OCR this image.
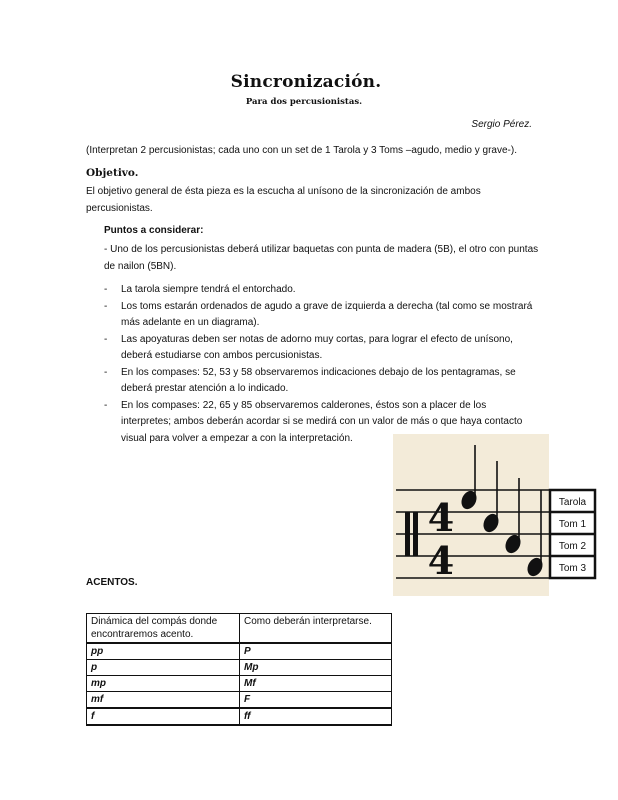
Sincronización.
Para dos percusionistas.
Sergio Pérez.
(Interpretan 2 percusionistas; cada uno con un set de 1 Tarola y 3 Toms –agudo, medio y grave-).
Objetivo.
El objetivo general de ésta pieza es la escucha al unísono de la sincronización de ambos percusionistas.
Puntos a considerar:
- Uno de los percusionistas deberá utilizar baquetas con punta de madera (5B), el otro con puntas de nailon (5BN).
- La tarola siempre tendrá el entorchado.
- Los toms estarán ordenados de agudo a grave de izquierda a derecha (tal como se mostrará más adelante en un diagrama).
- Las apoyaturas deben ser notas de adorno muy cortas, para lograr el efecto de unísono, deberá estudiarse con ambos percusionistas.
- En los compases: 52, 53 y 58 observaremos indicaciones debajo de los pentagramas, se deberá prestar atención a lo indicado.
- En los compases: 22, 65 y 85 observaremos calderones, éstos son a placer de los interpretes; ambos deberán acordar si se medirá con un valor de más o que haya contacto visual para volver a empezar a con la interpretación.
4
4
Tarola
Tom 1
Tom 2
Tom 3
ACENTOS.
Dinámica del compás donde encontraremos acento.	Como deberán interpretarse.
pp	P
p	Mp
mp	Mf
mf	F
f	ff
